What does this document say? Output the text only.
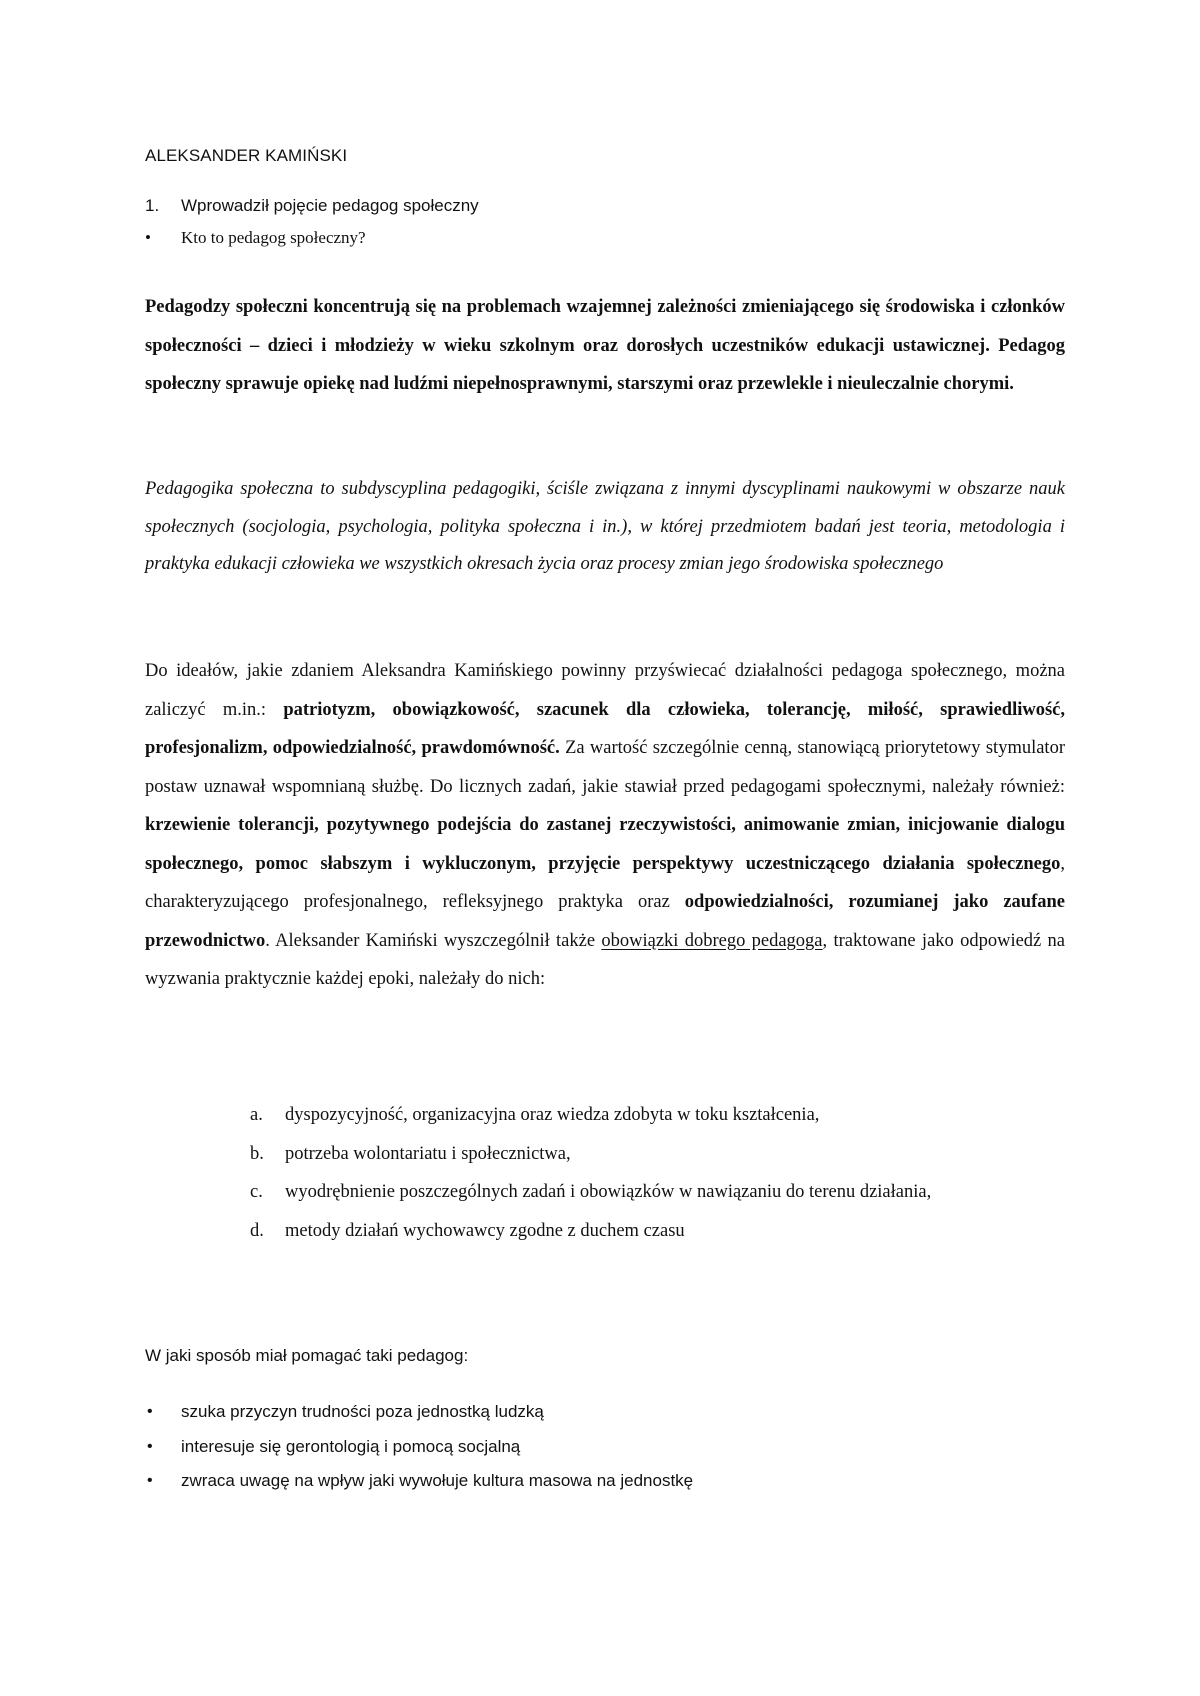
ALEKSANDER KAMIŃSKI
1.	Wprowadził pojęcie pedagog społeczny
•	Kto to pedagog społeczny?

Pedagodzy społeczni koncentrują się na problemach wzajemnej zależności zmieniającego się środowiska i członków społeczności – dzieci i młodzieży w wieku szkolnym oraz dorosłych uczestników edukacji ustawicznej. Pedagog społeczny sprawuje opiekę nad ludźmi niepełnosprawnymi, starszymi oraz przewlekle i nieuleczalnie chorymi.

Pedagogika społeczna to subdyscyplina pedagogiki, ściśle związana z innymi dyscyplinami naukowymi w obszarze nauk społecznych (socjologia, psychologia, polityka społeczna i in.), w której przedmiotem badań jest teoria, metodologia i praktyka edukacji człowieka we wszystkich okresach życia oraz procesy zmian jego środowiska społecznego

Do ideałów, jakie zdaniem Aleksandra Kamińskiego powinny przyświecać działalności pedagoga społecznego, można zaliczyć m.in.: patriotyzm, obowiązkowość, szacunek dla człowieka, tolerancję, miłość, sprawiedliwość, profesjonalizm, odpowiedzialność, prawdomówność. Za wartość szczególnie cenną, stanowiącą priorytetowy stymulator postaw uznawał wspomnianą służbę. Do licznych zadań, jakie stawiał przed pedagogami społecznymi, należały również: krzewienie tolerancji, pozytywnego podejścia do zastanej rzeczywistości, animowanie zmian, inicjowanie dialogu społecznego, pomoc słabszym i wykluczonym, przyjęcie perspektywy uczestniczącego działania społecznego, charakteryzującego profesjonalnego, refleksyjnego praktyka oraz odpowiedzialności, rozumianej jako zaufane przewodnictwo. Aleksander Kamiński wyszczególnił także obowiązki dobrego pedagoga, traktowane jako odpowiedź na wyzwania praktycznie każdej epoki, należały do nich:

a. dyspozycyjność, organizacyjna oraz wiedza zdobyta w toku kształcenia,
b. potrzeba wolontariatu i społecznictwa,
c. wyodrębnienie poszczególnych zadań i obowiązków w nawiązaniu do terenu działania,
d. metody działań wychowawcy zgodne z duchem czasu
W jaki sposób miał pomagać taki pedagog:
• szuka przyczyn trudności poza jednostką ludzką
• interesuje się gerontologią i pomocą socjalną
• zwraca uwagę na wpływ jaki wywołuje kultura masowa na jednostkę
